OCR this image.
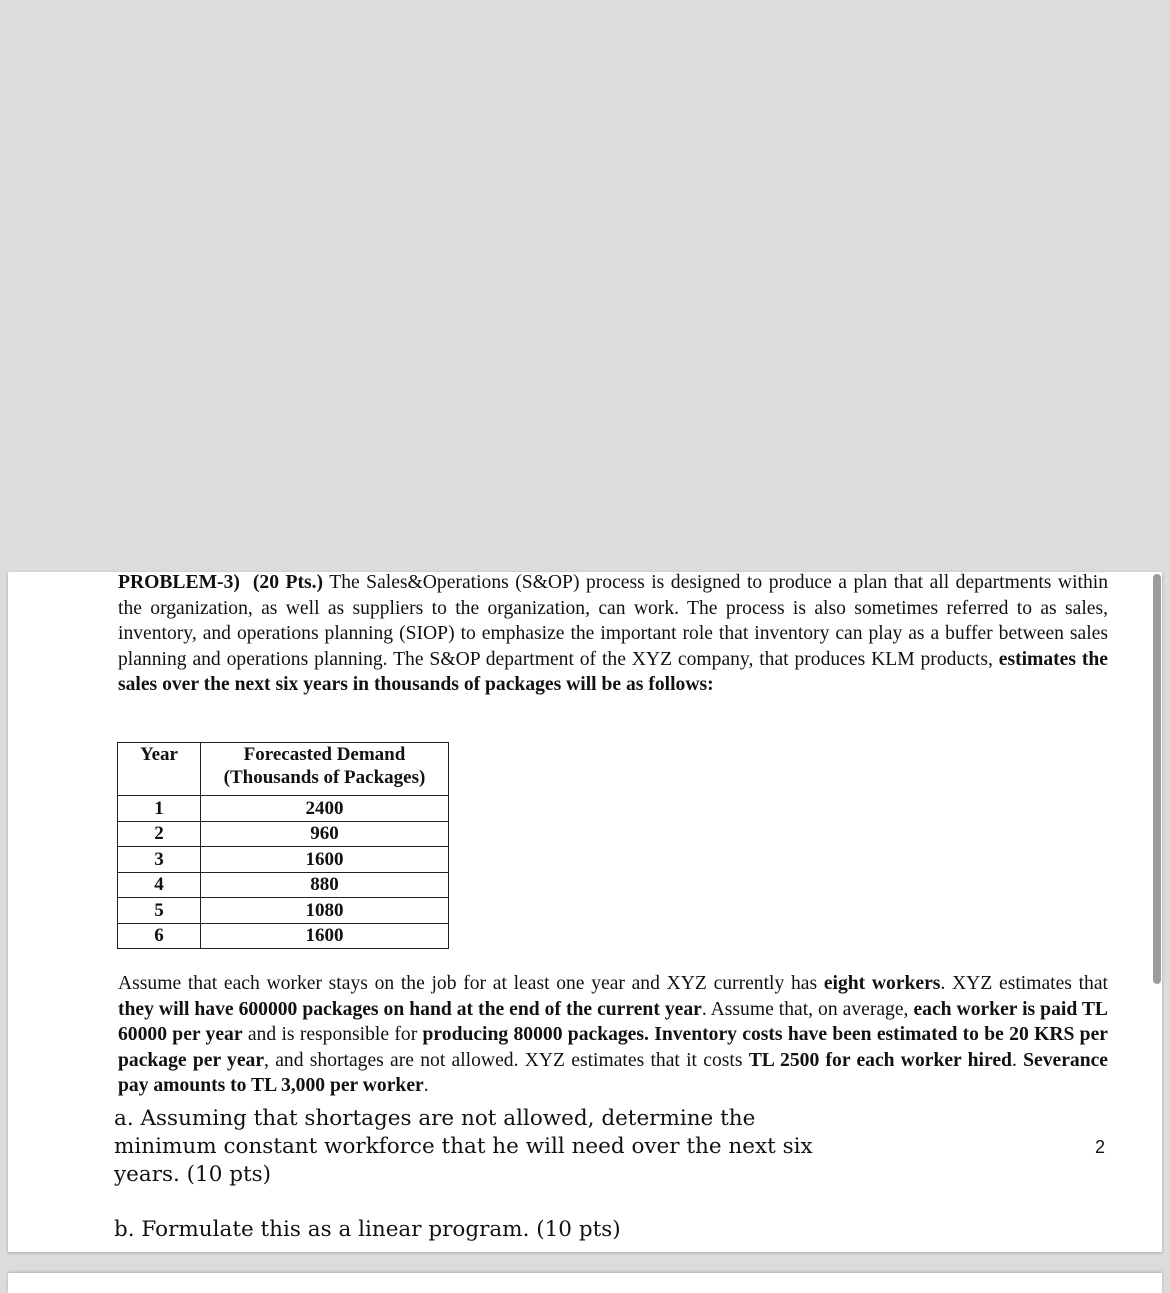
PROBLEM-3) (20 Pts.) The Sales&Operations (S&OP) process is designed to produce a plan that all departments within the organization, as well as suppliers to the organization, can work. The process is also sometimes referred to as sales, inventory, and operations planning (SIOP) to emphasize the important role that inventory can play as a buffer between sales planning and operations planning. The S&OP department of the XYZ company, that produces KLM products, estimates the sales over the next six years in thousands of packages will be as follows:
Year	Forecasted Demand
(Thousands of Packages)
1	2400
2	960
3	1600
4	880
5	1080
6	1600
Assume that each worker stays on the job for at least one year and XYZ currently has eight workers. XYZ estimates that they will have 600000 packages on hand at the end of the current year. Assume that, on average, each worker is paid TL 60000 per year and is responsible for producing 80000 packages. Inventory costs have been estimated to be 20 KRS per package per year, and shortages are not allowed. XYZ estimates that it costs TL 2500 for each worker hired. Severance pay amounts to TL 3,000 per worker.
a. Assuming that shortages are not allowed, determine the
minimum constant workforce that he will need over the next six
years. (10 pts)
b. Formulate this as a linear program. (10 pts)
2
